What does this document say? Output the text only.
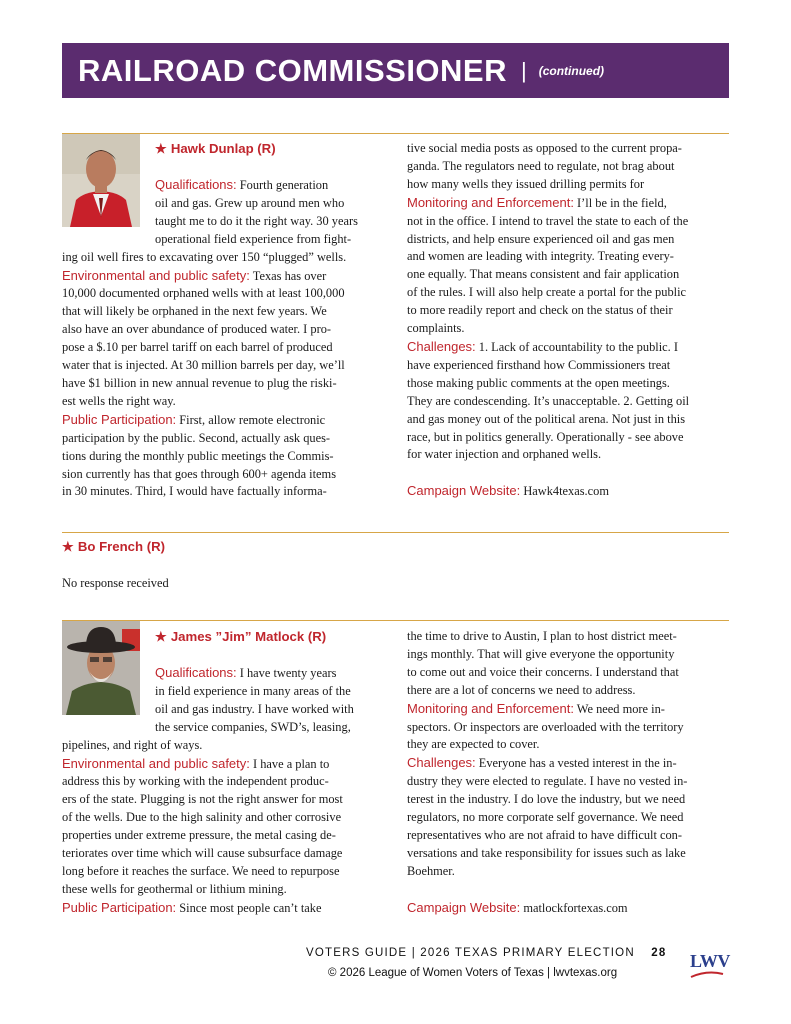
RAILROAD COMMISSIONER | (continued)

★ Hawk Dunlap (R)

Qualifications: Fourth generation

oil and gas. Grew up around men who

taught me to do it the right way. 30 years

operational field experience from fight-

ing oil well fires to excavating over 150 “plugged” wells.

Environmental and public safety: Texas has over

10,000 documented orphaned wells with at least 100,000

that will likely be orphaned in the next few years. We

also have an over abundance of produced water. I pro-

pose a $.10 per barrel tariff on each barrel of produced

water that is injected. At 30 million barrels per day, we’ll

have $1 billion in new annual revenue to plug the riski-

est wells the right way.

Public Participation: First, allow remote electronic

participation by the public. Second, actually ask ques-

tions during the monthly public meetings the Commis-

sion currently has that goes through 600+ agenda items

in 30 minutes. Third, I would have factually informa-

tive social media posts as opposed to the current propa-

ganda. The regulators need to regulate, not brag about

how many wells they issued drilling permits for

Monitoring and Enforcement: I’ll be in the field,

not in the office. I intend to travel the state to each of the

districts, and help ensure experienced oil and gas men

and women are leading with integrity. Treating every-

one equally. That means consistent and fair application

of the rules. I will also help create a portal for the public

to more readily report and check on the status of their

complaints.

Challenges: 1. Lack of accountability to the public. I

have experienced firsthand how Commissioners treat

those making public comments at the open meetings.

They are condescending. It’s unacceptable. 2. Getting oil

and gas money out of the political arena. Not just in this

race, but in politics generally. Operationally - see above

for water injection and orphaned wells.

Campaign Website: Hawk4texas.com

★ Bo French (R)

No response received

★ James ”Jim” Matlock (R)

Qualifications: I have twenty years

in field experience in many areas of the

oil and gas industry. I have worked with

the service companies, SWD’s, leasing,

pipelines, and right of ways.

Environmental and public safety: I have a plan to

address this by working with the independent produc-

ers of the state. Plugging is not the right answer for most

of the wells. Due to the high salinity and other corrosive

properties under extreme pressure, the metal casing de-

teriorates over time which will cause subsurface damage

long before it reaches the surface. We need to repurpose

these wells for geothermal or lithium mining.

Public Participation: Since most people can’t take

the time to drive to Austin, I plan to host district meet-

ings monthly. That will give everyone the opportunity

to come out and voice their concerns. I understand that

there are a lot of concerns we need to address.

Monitoring and Enforcement: We need more in-

spectors. Or inspectors are overloaded with the territory

they are expected to cover.

Challenges: Everyone has a vested interest in the in-

dustry they were elected to regulate. I have no vested in-

terest in the industry. I do love the industry, but we need

regulators, no more corporate self governance. We need

representatives who are not afraid to have difficult con-

versations and take responsibility for issues such as lake

Boehmer.

Campaign Website: matlockfortexas.com

VOTERS GUIDE | 2026 TEXAS PRIMARY ELECTION 28
© 2026 League of Women Voters of Texas | lwvtexas.org
LWV
